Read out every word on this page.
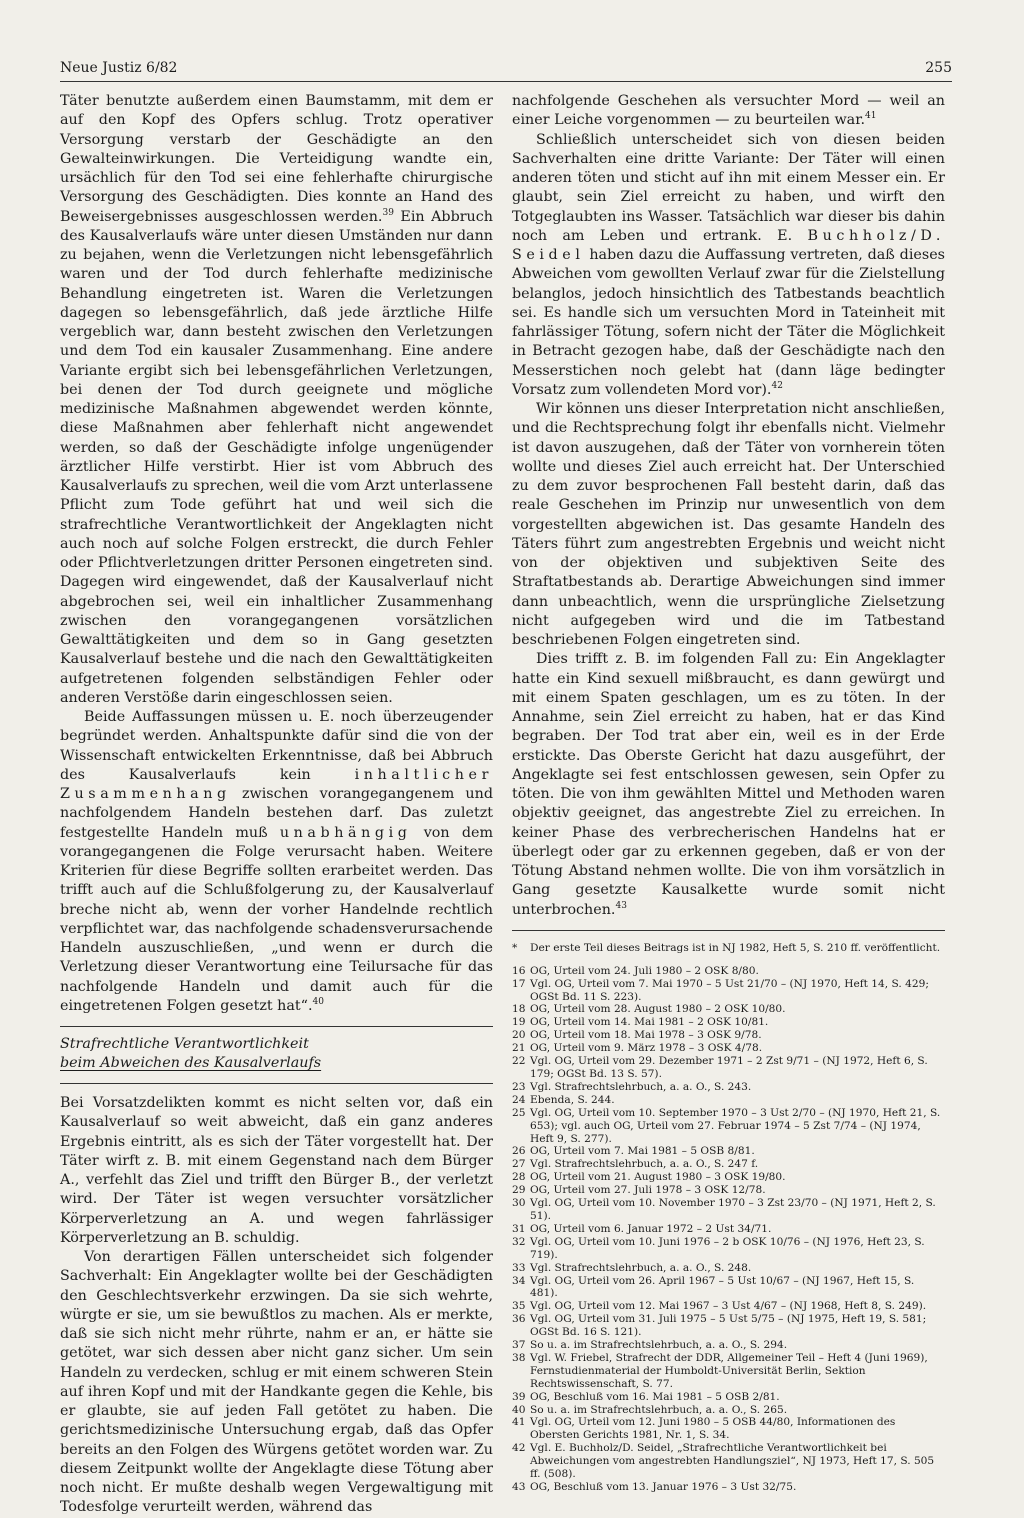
Neue Justiz 6/82	255

Täter benutzte außerdem einen Baumstamm, mit dem er auf den Kopf des Opfers schlug. Trotz operativer Versorgung verstarb der Geschädigte an den Gewalteinwirkungen. Die Verteidigung wandte ein, ursächlich für den Tod sei eine fehlerhafte chirurgische Versorgung des Geschädigten. Dies konnte an Hand des Beweisergebnisses ausgeschlossen werden.$^{39}$ Ein Abbruch des Kausalverlaufs wäre unter diesen Umständen nur dann zu bejahen, wenn die Verletzungen nicht lebensgefährlich waren und der Tod durch fehlerhafte medizinische Behandlung eingetreten ist. Waren die Verletzungen dagegen so lebensgefährlich, daß jede ärztliche Hilfe vergeblich war, dann besteht zwischen den Verletzungen und dem Tod ein kausaler Zusammenhang. Eine andere Variante ergibt sich bei lebensgefährlichen Verletzungen, bei denen der Tod durch geeignete und mögliche medizinische Maßnahmen abgewendet werden könnte, diese Maßnahmen aber fehlerhaft nicht angewendet werden, so daß der Geschädigte infolge ungenügender ärztlicher Hilfe verstirbt. Hier ist vom Abbruch des Kausalverlaufs zu sprechen, weil die vom Arzt unterlassene Pflicht zum Tode geführt hat und weil sich die strafrechtliche Verantwortlichkeit der Angeklagten nicht auch noch auf solche Folgen erstreckt, die durch Fehler oder Pflichtverletzungen dritter Personen eingetreten sind. Dagegen wird eingewendet, daß der Kausalverlauf nicht abgebrochen sei, weil ein inhaltlicher Zusammenhang zwischen den vorangegangenen vorsätzlichen Gewalttätigkeiten und dem so in Gang gesetzten Kausalverlauf bestehe und die nach den Gewalttätigkeiten aufgetretenen folgenden selbständigen Fehler oder anderen Verstöße darin eingeschlossen seien.

Beide Auffassungen müssen u. E. noch überzeugender begründet werden. Anhaltspunkte dafür sind die von der Wissenschaft entwickelten Erkenntnisse, daß bei Abbruch des Kausalverlaufs kein inhaltlicher Zusammenhang zwischen vorangegangenem und nachfolgendem Handeln bestehen darf. Das zuletzt festgestellte Handeln muß unabhängig von dem vorangegangenen die Folge verursacht haben. Weitere Kriterien für diese Begriffe sollten erarbeitet werden. Das trifft auch auf die Schlußfolgerung zu, der Kausalverlauf breche nicht ab, wenn der vorher Handelnde rechtlich verpflichtet war, das nachfolgende schadensverursachende Handeln auszuschließen, „und wenn er durch die Verletzung dieser Verantwortung eine Teilursache für das nachfolgende Handeln und damit auch für die eingetretenen Folgen gesetzt hat“.$^{40}$

Strafrechtliche Verantwortlichkeit
beim Abweichen des Kausalverlaufs

Bei Vorsatzdelikten kommt es nicht selten vor, daß ein Kausalverlauf so weit abweicht, daß ein ganz anderes Ergebnis eintritt, als es sich der Täter vorgestellt hat. Der Täter wirft z. B. mit einem Gegenstand nach dem Bürger A., verfehlt das Ziel und trifft den Bürger B., der verletzt wird. Der Täter ist wegen versuchter vorsätzlicher Körperverletzung an A. und wegen fahrlässiger Körperverletzung an B. schuldig.

Von derartigen Fällen unterscheidet sich folgender Sachverhalt: Ein Angeklagter wollte bei der Geschädigten den Geschlechtsverkehr erzwingen. Da sie sich wehrte, würgte er sie, um sie bewußtlos zu machen. Als er merkte, daß sie sich nicht mehr rührte, nahm er an, er hätte sie getötet, war sich dessen aber nicht ganz sicher. Um sein Handeln zu verdecken, schlug er mit einem schweren Stein auf ihren Kopf und mit der Handkante gegen die Kehle, bis er glaubte, sie auf jeden Fall getötet zu haben. Die gerichtsmedizinische Untersuchung ergab, daß das Opfer bereits an den Folgen des Würgens getötet worden war. Zu diesem Zeitpunkt wollte der Angeklagte diese Tötung aber noch nicht. Er mußte deshalb wegen Vergewaltigung mit Todesfolge verurteilt werden, während das

nachfolgende Geschehen als versuchter Mord — weil an einer Leiche vorgenommen — zu beurteilen war.$^{41}$

Schließlich unterscheidet sich von diesen beiden Sachverhalten eine dritte Variante: Der Täter will einen anderen töten und sticht auf ihn mit einem Messer ein. Er glaubt, sein Ziel erreicht zu haben, und wirft den Totgeglaubten ins Wasser. Tatsächlich war dieser bis dahin noch am Leben und ertrank. E. Buchholz/D. Seidel haben dazu die Auffassung vertreten, daß dieses Abweichen vom gewollten Verlauf zwar für die Zielstellung belanglos, jedoch hinsichtlich des Tatbestands beachtlich sei. Es handle sich um versuchten Mord in Tateinheit mit fahrlässiger Tötung, sofern nicht der Täter die Möglichkeit in Betracht gezogen habe, daß der Geschädigte nach den Messerstichen noch gelebt hat (dann läge bedingter Vorsatz zum vollendeten Mord vor).$^{42}$

Wir können uns dieser Interpretation nicht anschließen, und die Rechtsprechung folgt ihr ebenfalls nicht. Vielmehr ist davon auszugehen, daß der Täter von vornherein töten wollte und dieses Ziel auch erreicht hat. Der Unterschied zu dem zuvor besprochenen Fall besteht darin, daß das reale Geschehen im Prinzip nur unwesentlich von dem vorgestellten abgewichen ist. Das gesamte Handeln des Täters führt zum angestrebten Ergebnis und weicht nicht von der objektiven und subjektiven Seite des Straftatbestands ab. Derartige Abweichungen sind immer dann unbeachtlich, wenn die ursprüngliche Zielsetzung nicht aufgegeben wird und die im Tatbestand beschriebenen Folgen eingetreten sind.

Dies trifft z. B. im folgenden Fall zu: Ein Angeklagter hatte ein Kind sexuell mißbraucht, es dann gewürgt und mit einem Spaten geschlagen, um es zu töten. In der Annahme, sein Ziel erreicht zu haben, hat er das Kind begraben. Der Tod trat aber ein, weil es in der Erde erstickte. Das Oberste Gericht hat dazu ausgeführt, der Angeklagte sei fest entschlossen gewesen, sein Opfer zu töten. Die von ihm gewählten Mittel und Methoden waren objektiv geeignet, das angestrebte Ziel zu erreichen. In keiner Phase des verbrecherischen Handelns hat er überlegt oder gar zu erkennen gegeben, daß er von der Tötung Abstand nehmen wollte. Die von ihm vorsätzlich in Gang gesetzte Kausalkette wurde somit nicht unterbrochen.$^{43}$

*	Der erste Teil dieses Beitrags ist in NJ 1982, Heft 5, S. 210 ff. veröffentlicht.
16 OG, Urteil vom 24. Juli 1980 – 2 OSK 8/80.
17 Vgl. OG, Urteil vom 7. Mai 1970 – 5 Ust 21/70 – (NJ 1970, Heft 14, S. 429; OGSt Bd. 11 S. 223).
18 OG, Urteil vom 28. August 1980 – 2 OSK 10/80.
19 OG, Urteil vom 14. Mai 1981 – 2 OSK 10/81.
20 OG, Urteil vom 18. Mai 1978 – 3 OSK 9/78.
21 OG, Urteil vom 9. März 1978 – 3 OSK 4/78.
22 Vgl. OG, Urteil vom 29. Dezember 1971 – 2 Zst 9/71 – (NJ 1972, Heft 6, S. 179; OGSt Bd. 13 S. 57).
23 Vgl. Strafrechtslehrbuch, a. a. O., S. 243.
24 Ebenda, S. 244.
25 Vgl. OG, Urteil vom 10. September 1970 – 3 Ust 2/70 – (NJ 1970, Heft 21, S. 653); vgl. auch OG, Urteil vom 27. Februar 1974 – 5 Zst 7/74 – (NJ 1974, Heft 9, S. 277).
26 OG, Urteil vom 7. Mai 1981 – 5 OSB 8/81.
27 Vgl. Strafrechtslehrbuch, a. a. O., S. 247 f.
28 OG, Urteil vom 21. August 1980 – 3 OSK 19/80.
29 OG, Urteil vom 27. Juli 1978 – 3 OSK 12/78.
30 Vgl. OG, Urteil vom 10. November 1970 – 3 Zst 23/70 – (NJ 1971, Heft 2, S. 51).
31 OG, Urteil vom 6. Januar 1972 – 2 Ust 34/71.
32 Vgl. OG, Urteil vom 10. Juni 1976 – 2 b OSK 10/76 – (NJ 1976, Heft 23, S. 719).
33 Vgl. Strafrechtslehrbuch, a. a. O., S. 248.
34 Vgl. OG, Urteil vom 26. April 1967 – 5 Ust 10/67 – (NJ 1967, Heft 15, S. 481).
35 Vgl. OG, Urteil vom 12. Mai 1967 – 3 Ust 4/67 – (NJ 1968, Heft 8, S. 249).
36 Vgl. OG, Urteil vom 31. Juli 1975 – 5 Ust 5/75 – (NJ 1975, Heft 19, S. 581; OGSt Bd. 16 S. 121).
37 So u. a. im Strafrechtslehrbuch, a. a. O., S. 294.
38 Vgl. W. Friebel, Strafrecht der DDR, Allgemeiner Teil – Heft 4 (Juni 1969), Fernstudienmaterial der Humboldt-Universität Berlin, Sektion Rechtswissenschaft, S. 77.
39 OG, Beschluß vom 16. Mai 1981 – 5 OSB 2/81.
40 So u. a. im Strafrechtslehrbuch, a. a. O., S. 265.
41 Vgl. OG, Urteil vom 12. Juni 1980 – 5 OSB 44/80, Informationen des Obersten Gerichts 1981, Nr. 1, S. 34.
42 Vgl. E. Buchholz/D. Seidel, „Strafrechtliche Verantwortlichkeit bei Abweichungen vom angestrebten Handlungsziel“, NJ 1973, Heft 17, S. 505 ff. (508).
43 OG, Beschluß vom 13. Januar 1976 – 3 Ust 32/75.
